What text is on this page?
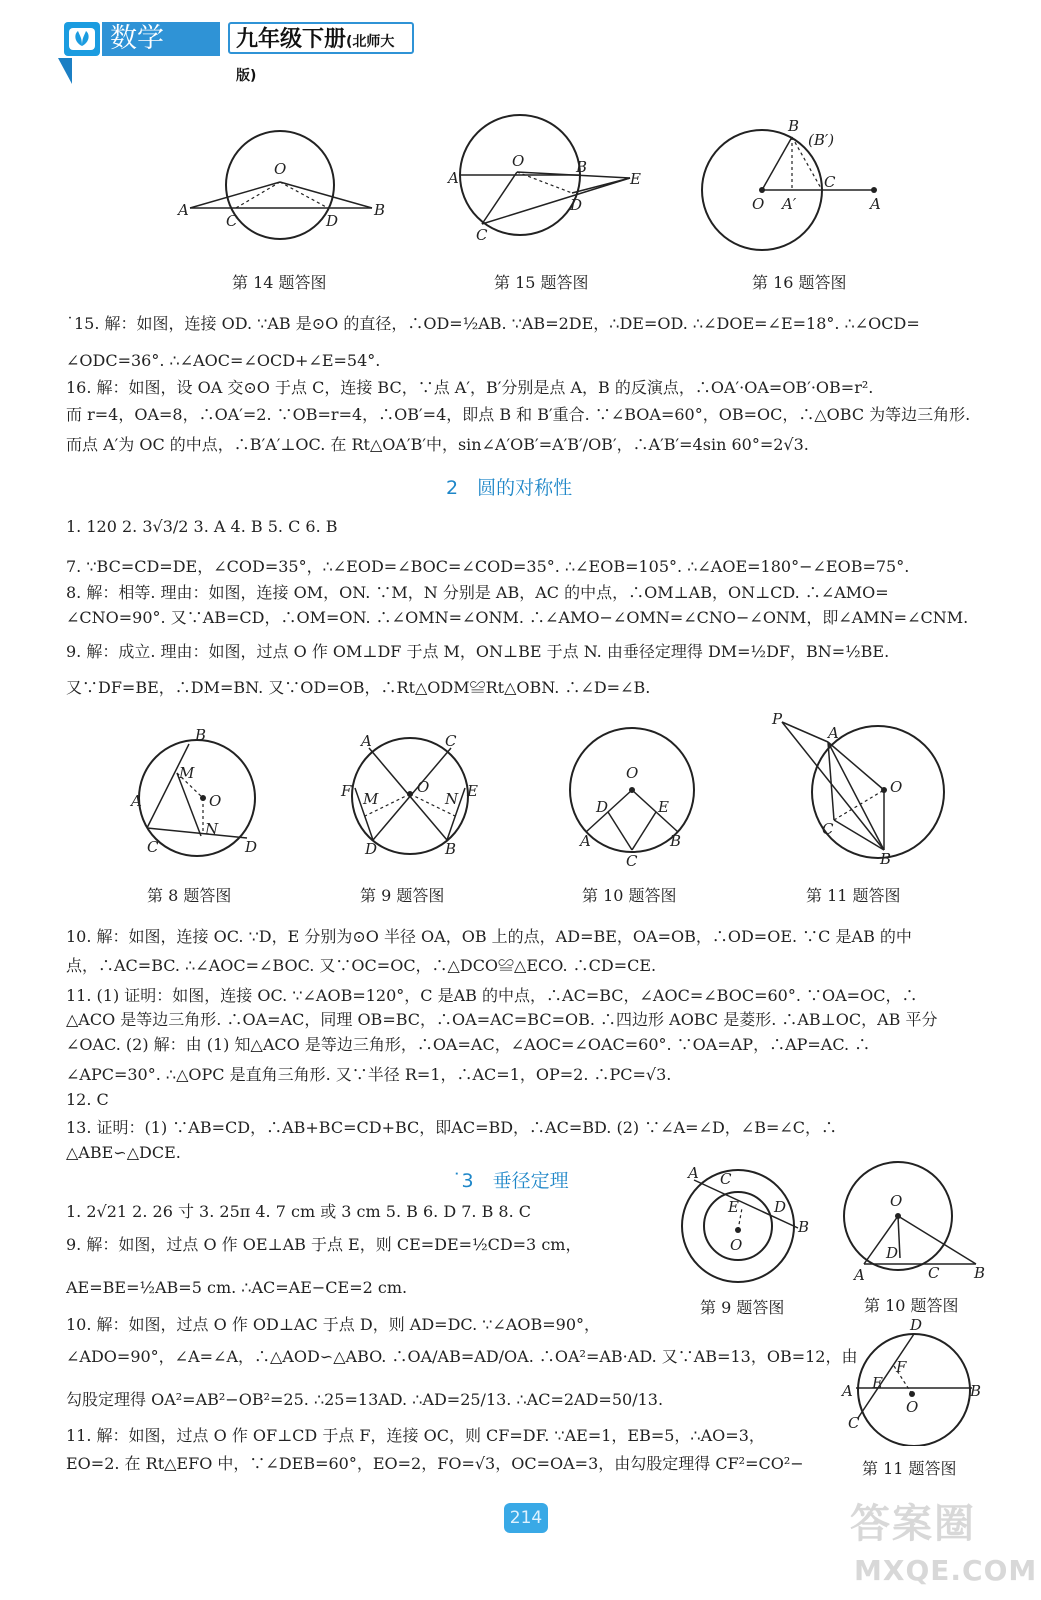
数学	九年级下册(北师大版)
O
A
C	D
B
第 14 题答图
O
A
B
E
D
C
第 15 题答图
B
(B′)
C
O A′	A
第 16 题答图
˙15. 解：如图，连接 OD. ∵AB 是⊙O 的直径，∴OD=½AB. ∵AB=2DE，∴DE=OD. ∴∠DOE=∠E=18°. ∴∠OCD=
∠ODC=36°. ∴∠AOC=∠OCD+∠E=54°.
16. 解：如图，设 OA 交⊙O 于点 C，连接 BC，∵点 A′，B′分别是点 A，B 的反演点，∴OA′·OA=OB′·OB=r².
而 r=4，OA=8，∴OA′=2. ∵OB=r=4，∴OB′=4，即点 B 和 B′重合. ∵∠BOA=60°，OB=OC，∴△OBC 为等边三角形.
而点 A′为 OC 的中点，∴B′A′⊥OC. 在 Rt△OA′B′中，sin∠A′OB′=A′B′/OB′，∴A′B′=4sin 60°=2√3.
2　圆的对称性
1. 120 2. 3√3/2 3. A 4. B 5. C 6. B
7. ∵BC=CD=DE，∠COD=35°，∴∠EOD=∠BOC=∠COD=35°. ∴∠EOB=105°. ∴∠AOE=180°−∠EOB=75°.
8. 解：相等. 理由：如图，连接 OM，ON. ∵M，N 分别是 AB，AC 的中点，∴OM⊥AB，ON⊥CD. ∴∠AMO=
∠CNO=90°. 又∵AB=CD，∴OM=ON. ∴∠OMN=∠ONM. ∴∠AMO−∠OMN=∠CNO−∠ONM，即∠AMN=∠CNM.
9. 解：成立. 理由：如图，过点 O 作 OM⊥DF 于点 M，ON⊥BE 于点 N. 由垂径定理得 DM=½DF，BN=½BE.
又∵DF=BE，∴DM=BN. 又∵OD=OB，∴Rt△ODM≌Rt△OBN. ∴∠D=∠B.
B
M
O
A
N
C	D
第 8 题答图
A	C
F M
O
N E
D	B
第 9 题答图
O
D	E
A	B
C
第 10 题答图
P
A
O
C
B
第 11 题答图
10. 解：如图，连接 OC. ∵D，E 分别为⊙O 半径 OA，OB 上的点，AD=BE，OA=OB，∴OD=OE. ∵C 是AB 的中
点，∴AC=BC. ∴∠AOC=∠BOC. 又∵OC=OC，∴△DCO≌△ECO. ∴CD=CE.
11. (1) 证明：如图，连接 OC. ∵∠AOB=120°，C 是AB 的中点，∴AC=BC，∠AOC=∠BOC=60°. ∵OA=OC，∴
△ACO 是等边三角形. ∴OA=AC，同理 OB=BC，∴OA=AC=BC=OB. ∴四边形 AOBC 是菱形. ∴AB⊥OC，AB 平分
∠OAC. (2) 解：由 (1) 知△ACO 是等边三角形，∴OA=AC，∠AOC=∠OAC=60°. ∵OA=AP，∴AP=AC. ∴
∠APC=30°. ∴△OPC 是直角三角形. 又∵半径 R=1，∴AC=1，OP=2. ∴PC=√3.
12. C
13. 证明：(1) ∵AB=CD，∴AB+BC=CD+BC，即AC=BD，∴AC=BD. (2) ∵∠A=∠D，∠B=∠C，∴
△ABE∽△DCE.
˙3　垂径定理
1. 2√21 2. 26 寸 3. 25π 4. 7 cm 或 3 cm 5. B 6. D 7. B 8. C
9. 解：如图，过点 O 作 OE⊥AB 于点 E，则 CE=DE=½CD=3 cm，
AE=BE=½AB=5 cm. ∴AC=AE−CE=2 cm.
10. 解：如图，过点 O 作 OD⊥AC 于点 D，则 AD=DC. ∵∠AOB=90°，
∠ADO=90°，∠A=∠A，∴△AOD∽△ABO. ∴OA/AB=AD/OA. ∴OA²=AB·AD. 又∵AB=13，OB=12，由
勾股定理得 OA²=AB²−OB²=25. ∴25=13AD. ∴AD=25/13. ∴AC=2AD=50/13.
11. 解：如图，过点 O 作 OF⊥CD 于点 F，连接 OC，则 CF=DF. ∵AE=1，EB=5，∴AO=3，
EO=2. 在 Rt△EFO 中，∵∠DEB=60°，EO=2，FO=√3，OC=OA=3，由勾股定理得 CF²=CO²−
A C
E D
B
O
第 9 题答图
O
D
A	C B
第 10 题答图
D
F
E
A	B
O
C
第 11 题答图
214	答案圈
MXQE.COM
